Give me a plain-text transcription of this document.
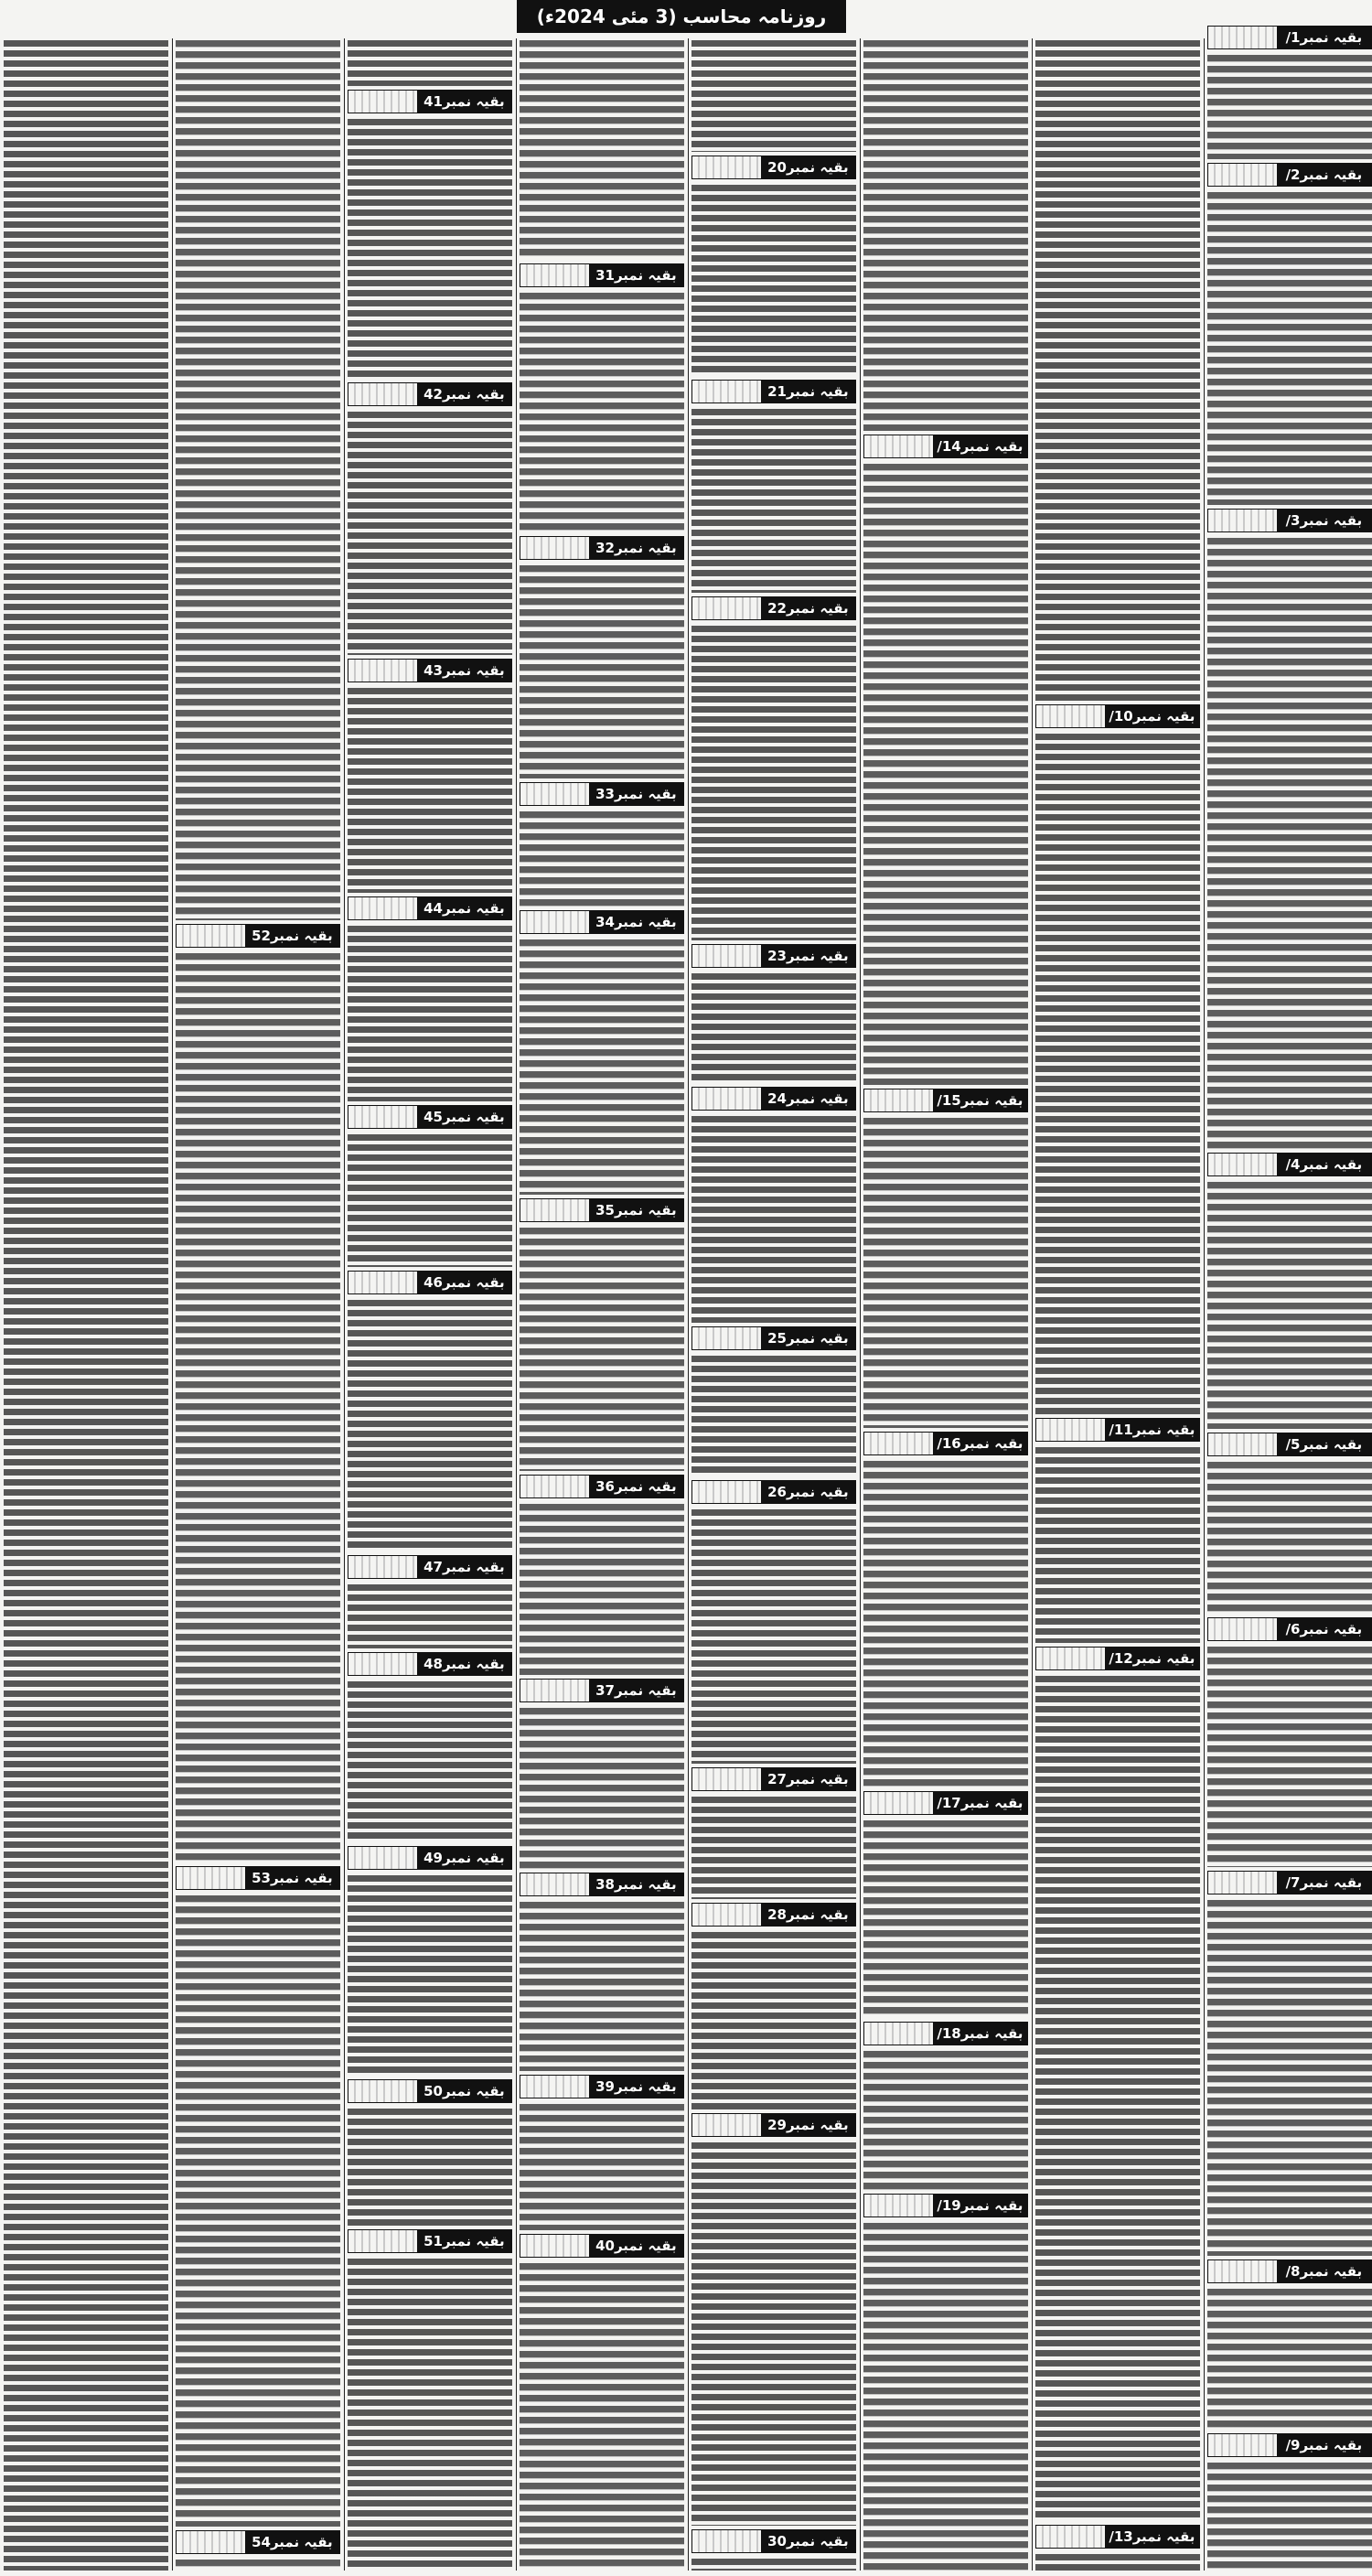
روزنامہ محاسب (3 مئی 2024ء)
بقیہ نمبر1/
بقیہ نمبر2/
بقیہ نمبر3/
بقیہ نمبر4/
بقیہ نمبر5/
بقیہ نمبر6/
بقیہ نمبر7/
بقیہ نمبر8/
بقیہ نمبر9/
بقیہ نمبر10/
بقیہ نمبر11/
بقیہ نمبر12/
بقیہ نمبر13/
بقیہ نمبر14/
بقیہ نمبر15/
بقیہ نمبر16/
بقیہ نمبر17/
بقیہ نمبر18/
بقیہ نمبر19/
بقیہ نمبر20
بقیہ نمبر21
بقیہ نمبر22
بقیہ نمبر23
بقیہ نمبر24
بقیہ نمبر25
بقیہ نمبر26
بقیہ نمبر27
بقیہ نمبر28
بقیہ نمبر29
بقیہ نمبر30
بقیہ نمبر31
بقیہ نمبر32
بقیہ نمبر33
بقیہ نمبر34
بقیہ نمبر35
بقیہ نمبر36
بقیہ نمبر37
بقیہ نمبر38
بقیہ نمبر39
بقیہ نمبر40
بقیہ نمبر41
بقیہ نمبر42
بقیہ نمبر43
بقیہ نمبر44
بقیہ نمبر45
بقیہ نمبر46
بقیہ نمبر47
بقیہ نمبر48
بقیہ نمبر49
بقیہ نمبر50
بقیہ نمبر51
بقیہ نمبر52
بقیہ نمبر53
بقیہ نمبر54
